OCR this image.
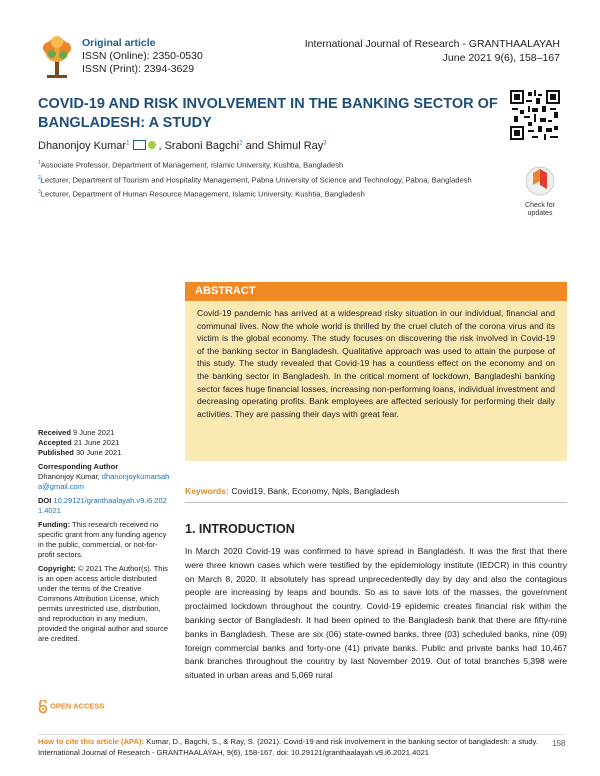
Original article
ISSN (Online): 2350-0530
ISSN (Print): 2394-3629
International Journal of Research - GRANTHAALAYAH
June 2021 9(6), 158–167
COVID-19 AND RISK INVOLVEMENT IN THE BANKING SECTOR OF BANGLADESH: A STUDY
Dhanonjoy Kumar$^1$	, Sraboni Bagchi$^2$ and Shimul Ray$^3$
$^1$Associate Professor, Department of Management, Islamic University, Kushtia, Bangladesh
$^2$Lecturer, Department of Tourism and Hospitality Management, Pabna University of Science and Technology, Pabna, Bangladesh
$^3$Lecturer, Department of Human Resource Management, Islamic University, Kushtia, Bangladesh
Check for
updates
ABSTRACT
Covid-19 pandemic has arrived at a widespread risky situation in our individual, financial and communal lives. Now the whole world is thrilled by the cruel clutch of the corona virus and its victim is the global economy. The study focuses on discovering the risk involved in Covid-19 of the banking sector in Bangladesh. Qualitative approach was used to attain the purpose of this study. The study revealed that Covid-19 has a countless effect on the economy and on the banking sector in Bangladesh. In the critical moment of lockdown, Bangladeshi banking sector faces huge financial losses, increasing non-performing loans, individual investment and decreasing operating profits. Bank employees are affected seriously for performing their daily activities. They are passing their days with great fear.
Keywords: Covid19, Bank, Economy, Npls, Bangladesh
Received 9 June 2021
Accepted 21 June 2021
Published 30 June 2021
Corresponding Author
Dhanonjoy Kumar, dhanonjoykumarsaha@gmail.com
DOI 10.29121/granthaalayah.v9.i6.2021.4021
Funding: This research received no specific grant from any funding agency in the public, commercial, or not-for-profit sectors.
Copyright: © 2021 The Author(s). This is an open access article distributed under the terms of the Creative Commons Attribution License, which permits unrestricted use, distribution, and reproduction in any medium, provided the original author and source are credited.
OPEN ACCESS
1. INTRODUCTION
In March 2020 Covid-19 was confirmed to have spread in Bangladesh. It was the first that there were three known cases which were testified by the epidemiology institute (IEDCR) in this country on March 8, 2020. It absolutely has spread unprecedentedly day by day and also the contagious people are increasing by leaps and bounds. So as to save lots of the masses, the government proclaimed lockdown throughout the country. Covid-19 epidemic creates financial risk within the banking sector of Bangladesh. It had been opined to the Bangladesh bank that there are fifty-nine banks in Bangladesh. These are six (06) state-owned banks, three (03) scheduled banks, nine (09) foreign commercial banks and forty-one (41) private banks. Public and private banks had 10,467 bank branches throughout the country by last November 2019. Out of total branches 5,398 were situated in urban areas and 5,069 rural
How to cite this article (APA): Kumar, D., Bagchi, S., & Ray, S. (2021). Covid-19 and risk involvement in the banking sector of bangladesh: a study. International Journal of Research - GRANTHAALAYAH, 9(6), 158-167. doi: 10.29121/granthaalayah.v9.i6.2021.4021
158
